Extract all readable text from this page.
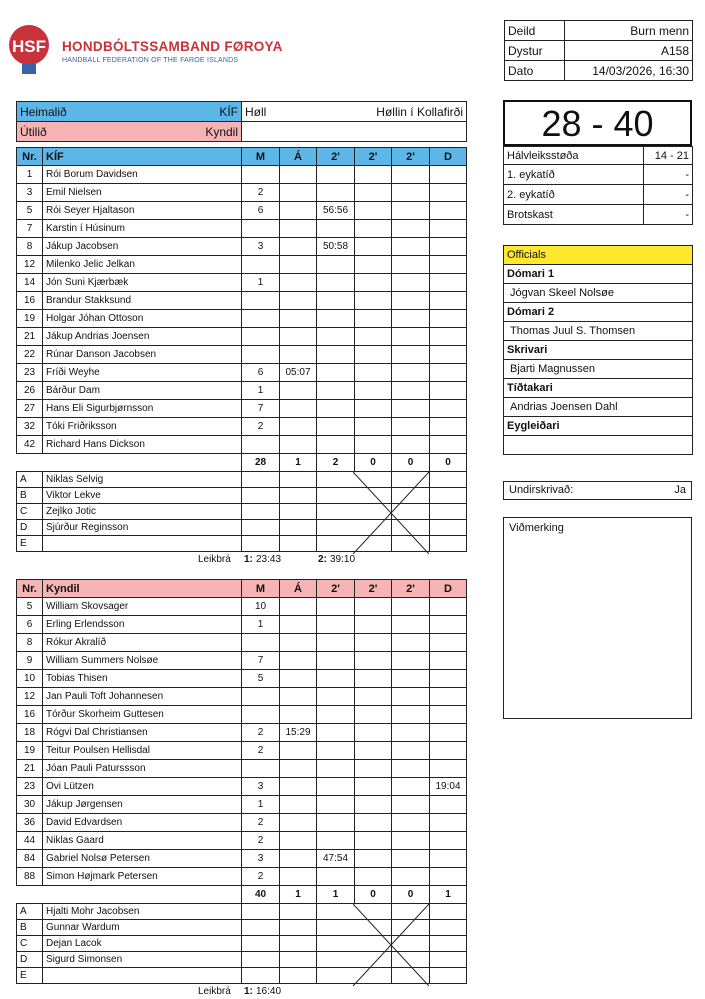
HSF HONDBÓLTSSAMBAND FØROYA
HANDBALL FEDERATION OF THE FAROE ISLANDS
Deild	Burn menn
Dystur	A158
Dato	14/03/2026, 16:30
Heimalið KÍF	Høll Høllin í Kollafirði

Útilið Kyndil	
		28 - 40
Hálvleiksstøða	14 - 21
1. eykatíð	-
2. eykatíð	-
Brotskast	-
Officials
Dómari 1
Jógvan Skeel Nolsøe
Dómari 2
Thomas Juul S. Thomsen
Skrivari
Bjarti Magnussen
Tíðtakari
Andrias Joensen Dahl
Eygleiðari

Undirskrivað:	Ja
Viðmerking
Nr.	KÍF	M	Á	2'	2'	2'	D
1	Rói Borum Davidsen						
3	Emil Nielsen	2					
5	Rói Seyer Hjaltason	6		56:56			
7	Karstin í Húsinum						
8	Jákup Jacobsen	3		50:58			
12	Milenko Jelic Jelkan						
14	Jón Suni Kjærbæk	1					
16	Brandur Stakksund						
19	Holgar Jóhan Ottoson						
21	Jákup Andrias Joensen						
22	Rúnar Danson Jacobsen						
23	Fríði Weyhe	6	05:07				
26	Bárður Dam	1					
27	Hans Eli Sigurbjørnsson	7					
32	Tóki Friðriksson	2					
42	Richard Hans Dickson						
		28	1	2	0	0	0
A	Niklas Selvig						
B	Viktor Lekve						
C	Zejlko Jotic						
D	Sjúrður Reginsson						
E							
Leikbrá 1: 23:43	2: 39:10
Nr.	Kyndil	M	Á	2'	2'	2'	D
5	William Skovsager	10					
6	Erling Erlendsson	1					
8	Rókur Akralíð						
9	William Summers Nolsøe	7					
10	Tobias Thisen	5					
12	Jan Pauli Toft Johannesen						
16	Tórður Skorheim Guttesen						
18	Rógvi Dal Christiansen	2	15:29				
19	Teitur Poulsen Hellisdal	2					
21	Jóan Pauli Paturssson						
23	Ovi Lützen	3					19:04
30	Jákup Jørgensen	1					
36	David Edvardsen	2					
44	Niklas Gaard	2					
84	Gabriel Nolsø Petersen	3		47:54			
88	Simon Højmark Petersen	2					
		40	1	1	0	0	1
A	Hjalti Mohr Jacobsen						
B	Gunnar Wardum						
C	Dejan Lacok						
D	Sigurd Simonsen						
E							
Leikbrá 1: 16:40
